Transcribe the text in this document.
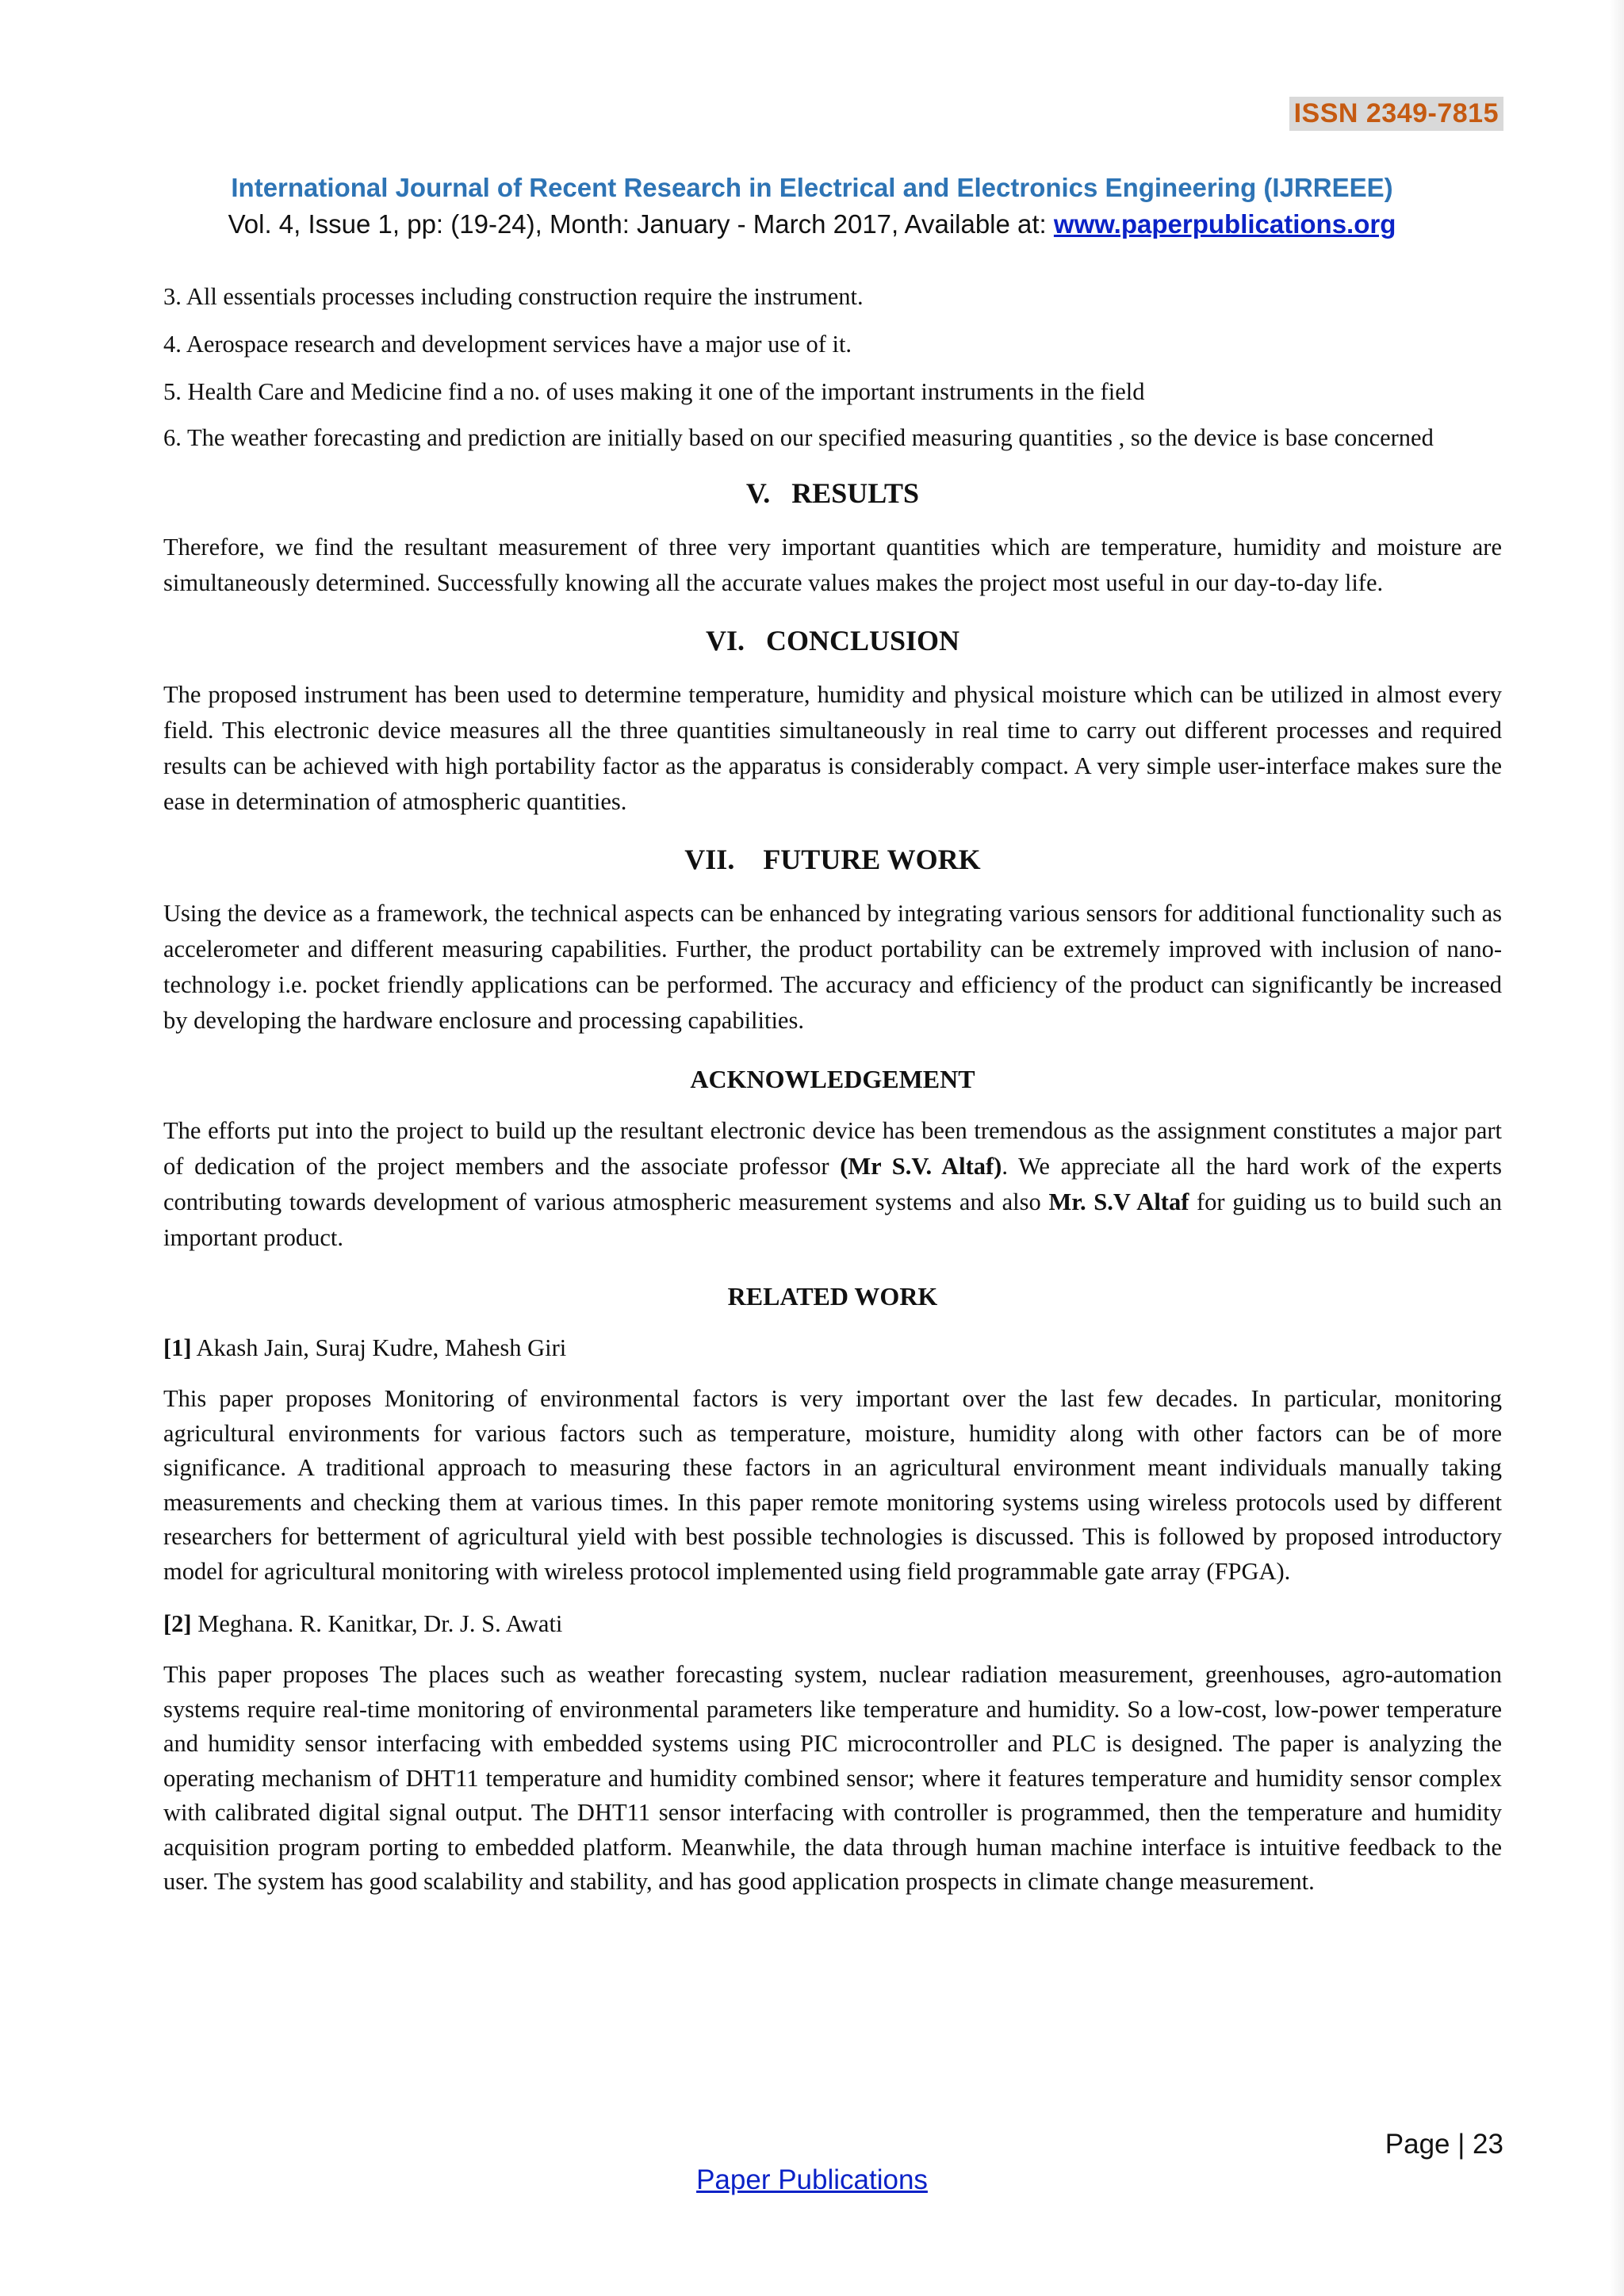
ISSN 2349-7815
International Journal of Recent Research in Electrical and Electronics Engineering (IJRREEE)
Vol. 4, Issue 1, pp: (19-24), Month: January - March 2017, Available at: www.paperpublications.org

3. All essentials processes including construction require the instrument.

4. Aerospace research and development services have a major use of it.

5. Health Care and Medicine find a no. of uses making it one of the important instruments in the field

6. The weather forecasting and prediction are initially based on our specified measuring quantities , so the device is base concerned

V.   RESULTS

Therefore, we find the resultant measurement of three very important quantities which are temperature, humidity and moisture are simultaneously determined. Successfully knowing all the accurate values makes the project most useful in our day-to-day life.

VI.   CONCLUSION

The proposed instrument has been used to determine temperature, humidity and physical moisture which can be utilized in almost every field. This electronic device measures all the three quantities simultaneously in real time to carry out different processes and required results can be achieved with high portability factor as the apparatus is considerably compact. A very simple user-interface makes sure the ease in determination of atmospheric quantities.

VII.    FUTURE WORK

Using the device as a framework, the technical aspects can be enhanced by integrating various sensors for additional functionality such as accelerometer and different measuring capabilities. Further, the product portability can be extremely improved with inclusion of nano-technology i.e. pocket friendly applications can be performed. The accuracy and efficiency of the product can significantly be increased by developing the hardware enclosure and processing capabilities.

ACKNOWLEDGEMENT

The efforts put into the project to build up the resultant electronic device has been tremendous as the assignment constitutes a major part of dedication of the project members and the associate professor (Mr S.V. Altaf). We appreciate all the hard work of the experts contributing towards development of various atmospheric measurement systems and also Mr. S.V Altaf for guiding us to build such an important product.

RELATED WORK

[1] Akash Jain, Suraj Kudre, Mahesh Giri

This paper proposes Monitoring of environmental factors is very important over the last few decades. In particular, monitoring agricultural environments for various factors such as temperature, moisture, humidity along with other factors can be of more significance. A traditional approach to measuring these factors in an agricultural environment meant individuals manually taking measurements and checking them at various times. In this paper remote monitoring systems using wireless protocols used by different researchers for betterment of agricultural yield with best possible technologies is discussed. This is followed by proposed introductory model for agricultural monitoring with wireless protocol implemented using field programmable gate array (FPGA).

[2] Meghana. R. Kanitkar, Dr. J. S. Awati

This paper proposes The places such as weather forecasting system, nuclear radiation measurement, greenhouses, agro-automation systems require real-time monitoring of environmental parameters like temperature and humidity. So a low-cost, low-power temperature and humidity sensor interfacing with embedded systems using PIC microcontroller and PLC is designed. The paper is analyzing the operating mechanism of DHT11 temperature and humidity combined sensor; where it features temperature and humidity sensor complex with calibrated digital signal output. The DHT11 sensor interfacing with controller is programmed, then the temperature and humidity acquisition program porting to embedded platform. Meanwhile, the data through human machine interface is intuitive feedback to the user. The system has good scalability and stability, and has good application prospects in climate change measurement.

Page | 23
Paper Publications
